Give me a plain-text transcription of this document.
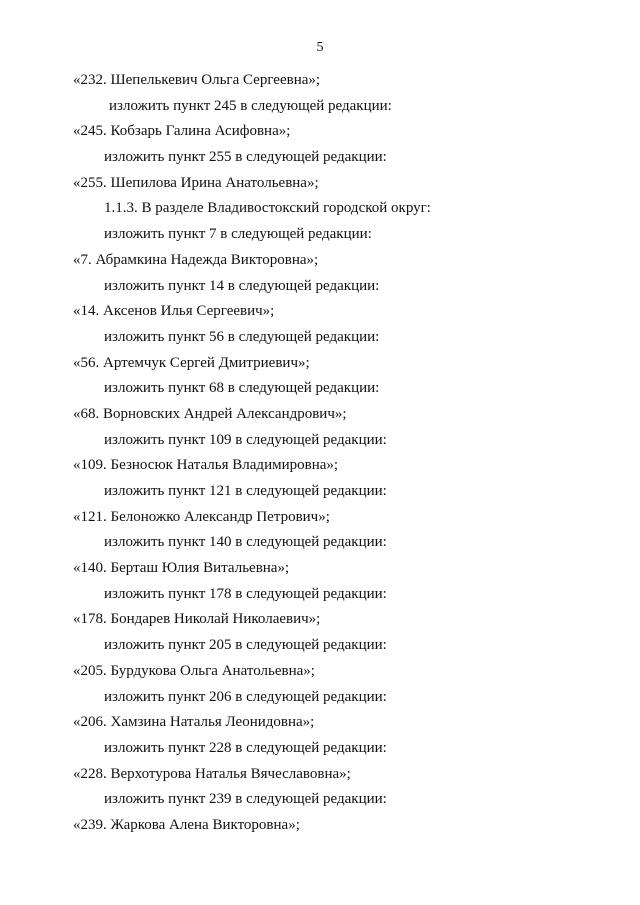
5
«232. Шепелькевич Ольга Сергеевна»;
изложить пункт 245 в следующей редакции:
«245. Кобзарь Галина Асифовна»;
изложить пункт 255 в следующей редакции:
«255. Шепилова Ирина Анатольевна»;
1.1.3. В разделе Владивостокский городской округ:
изложить пункт 7 в следующей редакции:
«7. Абрамкина Надежда Викторовна»;
изложить пункт 14 в следующей редакции:
«14. Аксенов Илья Сергеевич»;
изложить пункт 56 в следующей редакции:
«56. Артемчук Сергей Дмитриевич»;
изложить пункт 68 в следующей редакции:
«68. Ворновских Андрей Александрович»;
изложить пункт 109 в следующей редакции:
«109. Безносюк Наталья Владимировна»;
изложить пункт 121 в следующей редакции:
«121. Белоножко Александр Петрович»;
изложить пункт 140 в следующей редакции:
«140. Берташ Юлия Витальевна»;
изложить пункт 178 в следующей редакции:
«178. Бондарев Николай Николаевич»;
изложить пункт 205 в следующей редакции:
«205. Бурдукова Ольга Анатольевна»;
изложить пункт 206 в следующей редакции:
«206. Хамзина Наталья Леонидовна»;
изложить пункт 228 в следующей редакции:
«228. Верхотурова Наталья Вячеславовна»;
изложить пункт 239 в следующей редакции:
«239. Жаркова Алена Викторовна»;
